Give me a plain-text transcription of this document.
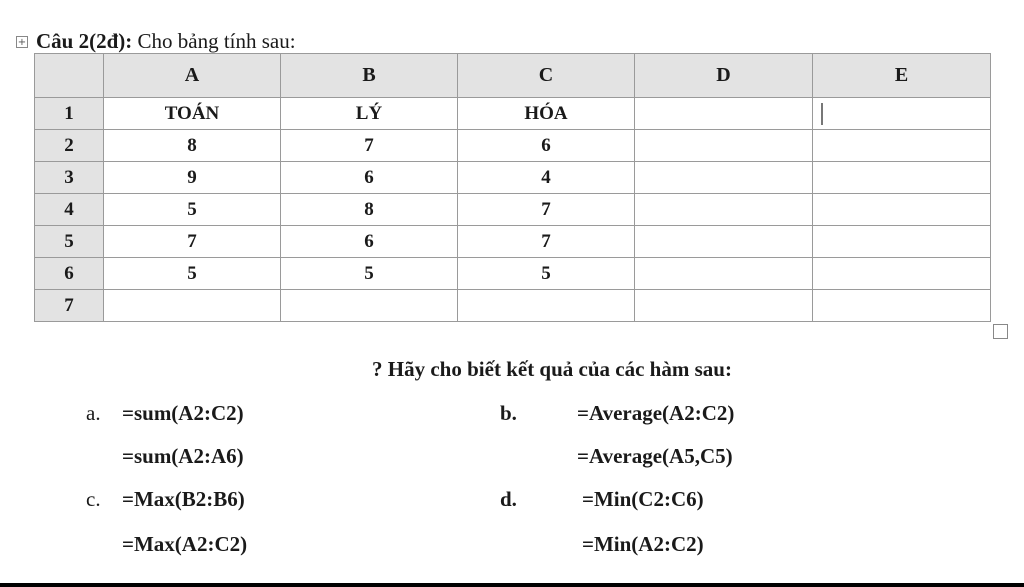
+ Câu 2(2đ): Cho bảng tính sau:
	A	B	C	D	E
1	TOÁN	LÝ	HÓA		
2	8	7	6		
3	9	6	4		
4	5	8	7		
5	7	6	7		
6	5	5	5		
7					
? Hãy cho biết kết quả của các hàm sau:
a. =sum(A2:C2)
=sum(A2:A6)
b.	=Average(A2:C2)
=Average(A5,C5)
c. =Max(B2:B6)
=Max(A2:C2)
d.	=Min(C2:C6)
=Min(A2:C2)
